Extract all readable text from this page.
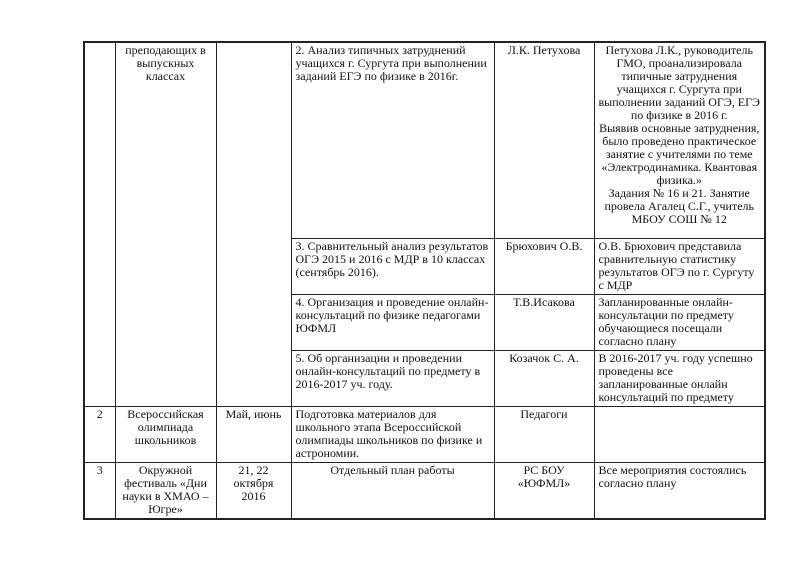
	преподающих в выпускных классах		2. Анализ типичных затруднений учащихся г. Сургута при выполнении заданий ЕГЭ по физике в 2016г.	Л.К. Петухова	Петухова Л.К., руководитель ГМО, проанализировала типичные затруднения учащихся г. Сургута при выполнении заданий ОГЭ, ЕГЭ по физике в 2016 г.
Выявив основные затруднения, было проведено практическое занятие с учителями по теме «Электродинамика. Квантовая физика.»
Задания № 16 и 21. Занятие провела Агалец С.Г., учитель МБОУ СОШ № 12

			3. Сравнительный анализ результатов ОГЭ 2015 и 2016 с МДР в 10 классах (сентябрь 2016).	Брюхович О.В.	О.В. Брюхович представила сравнительную статистику результатов ОГЭ по г. Сургуту с МДР
			4. Организация и проведение онлайн-консультаций по физике педагогами ЮФМЛ	Т.В.Исакова	Запланированные онлайн-консультации по предмету обучающиеся посещали согласно плану
			5. Об организации и проведении онлайн-консультаций по предмету в 2016-2017 уч. году.	Козачок С. А.	В 2016-2017 уч. году успешно проведены все запланированные онлайн консультаций по предмету
2	Всероссийская олимпиада школьников	Май, июнь	Подготовка материалов для школьного этапа Всероссийской олимпиады школьников по физике и астрономии.	Педагоги	
3	Окружной фестиваль «Дни науки в ХМАО – Югре»	21, 22 октября 2016	Отдельный план работы	РС БОУ «ЮФМЛ»	Все мероприятия состоялись согласно плану
